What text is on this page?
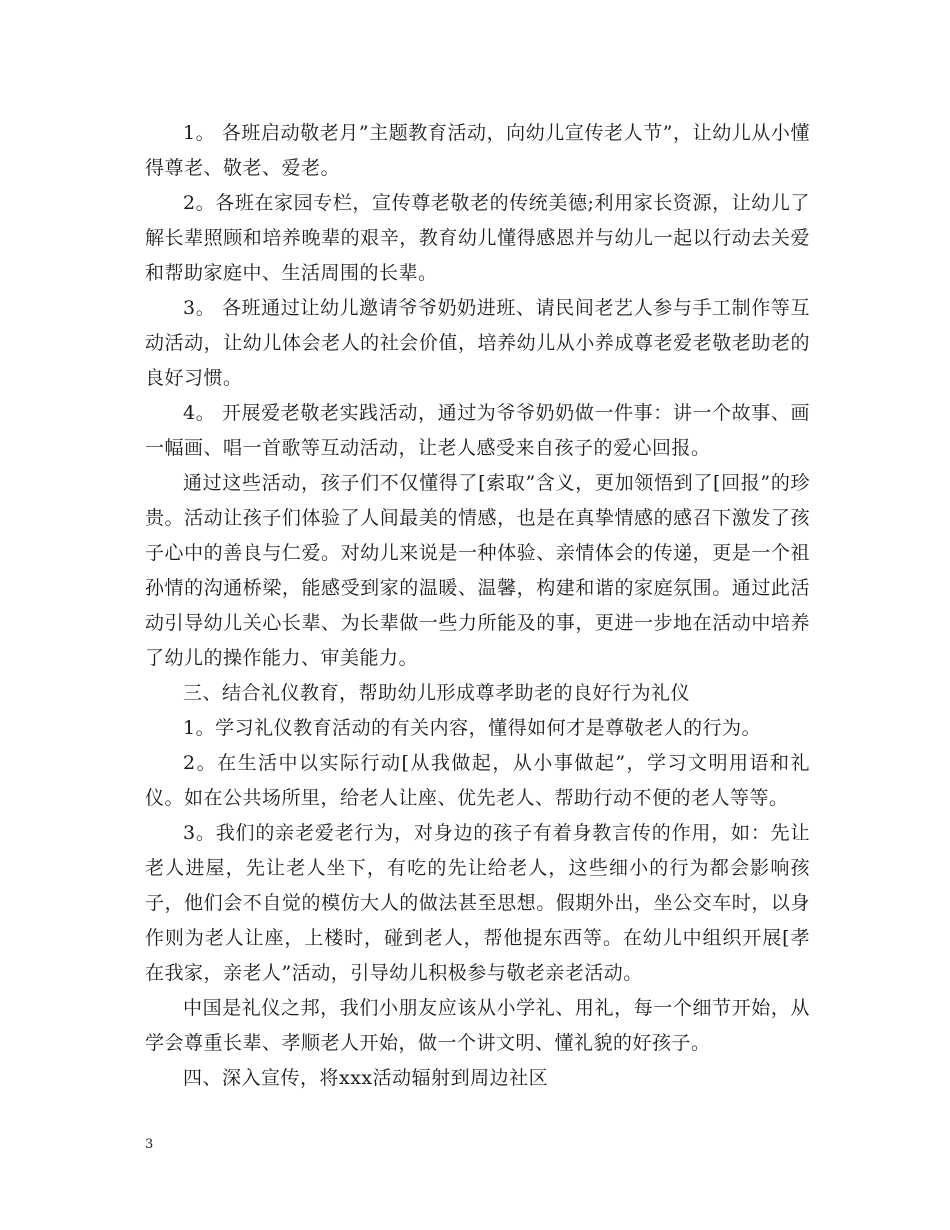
1。 各班启动敬老月”主题教育活动，向幼儿宣传老人节”，让幼儿从小懂得尊老、敬老、爱老。

2。各班在家园专栏，宣传尊老敬老的传统美德;利用家长资源，让幼儿了解长辈照顾和培养晚辈的艰辛，教育幼儿懂得感恩并与幼儿一起以行动去关爱和帮助家庭中、生活周围的长辈。

3。 各班通过让幼儿邀请爷爷奶奶进班、请民间老艺人参与手工制作等互动活动，让幼儿体会老人的社会价值，培养幼儿从小养成尊老爱老敬老助老的良好习惯。

4。 开展爱老敬老实践活动，通过为爷爷奶奶做一件事：讲一个故事、画一幅画、唱一首歌等互动活动，让老人感受来自孩子的爱心回报。

通过这些活动，孩子们不仅懂得了[索取”含义，更加领悟到了[回报”的珍贵。活动让孩子们体验了人间最美的情感，也是在真挚情感的感召下激发了孩子心中的善良与仁爱。对幼儿来说是一种体验、亲情体会的传递，更是一个祖孙情的沟通桥梁，能感受到家的温暖、温馨，构建和谐的家庭氛围。通过此活动引导幼儿关心长辈、为长辈做一些力所能及的事，更进一步地在活动中培养了幼儿的操作能力、审美能力。

三、结合礼仪教育，帮助幼儿形成尊孝助老的良好行为礼仪

1。学习礼仪教育活动的有关内容，懂得如何才是尊敬老人的行为。

2。在生活中以实际行动[从我做起，从小事做起”，学习文明用语和礼仪。如在公共场所里，给老人让座、优先老人、帮助行动不便的老人等等。

3。我们的亲老爱老行为，对身边的孩子有着身教言传的作用，如：先让老人进屋，先让老人坐下，有吃的先让给老人，这些细小的行为都会影响孩子，他们会不自觉的模仿大人的做法甚至思想。假期外出，坐公交车时，以身作则为老人让座，上楼时，碰到老人，帮他提东西等。在幼儿中组织开展[孝在我家，亲老人”活动，引导幼儿积极参与敬老亲老活动。

中国是礼仪之邦，我们小朋友应该从小学礼、用礼，每一个细节开始，从学会尊重长辈、孝顺老人开始，做一个讲文明、懂礼貌的好孩子。

四、深入宣传，将xxx活动辐射到周边社区

3
